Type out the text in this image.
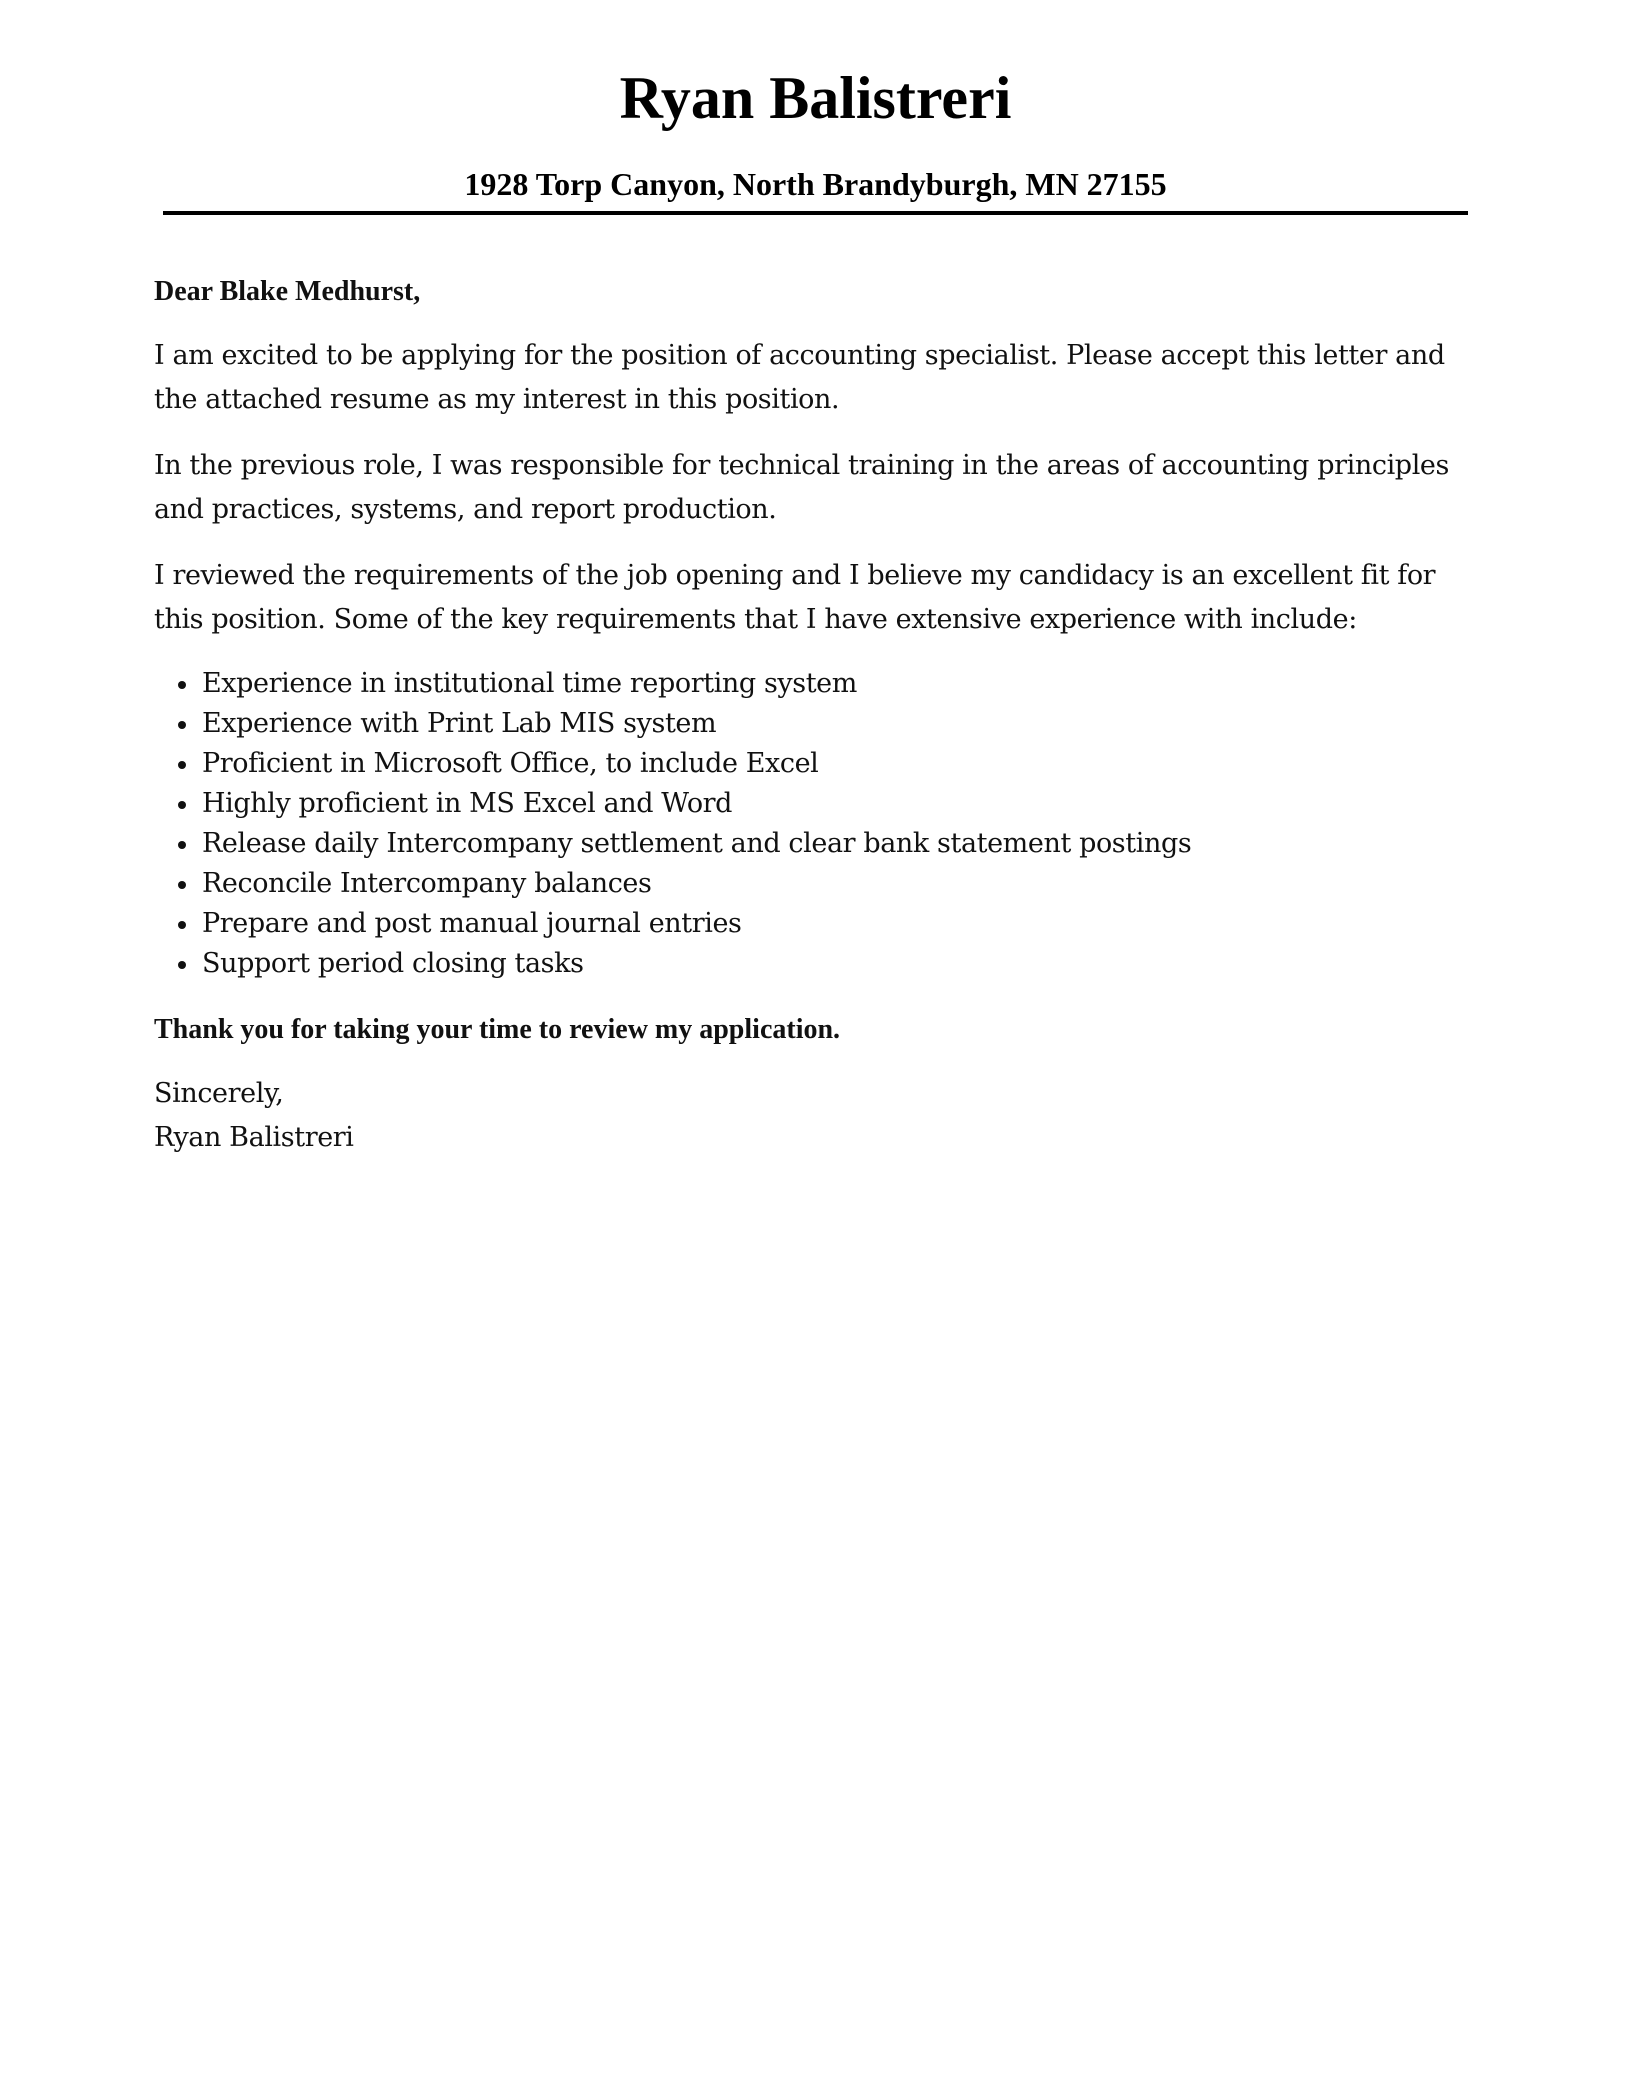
Ryan Balistreri

1928 Torp Canyon, North Brandyburgh, MN 27155

Dear Blake Medhurst,

I am excited to be applying for the position of accounting specialist. Please accept this letter and the attached resume as my interest in this position.

In the previous role, I was responsible for technical training in the areas of accounting principles and practices, systems, and report production.

I reviewed the requirements of the job opening and I believe my candidacy is an excellent fit for this position. Some of the key requirements that I have extensive experience with include:

Experience in institutional time reporting system
Experience with Print Lab MIS system
Proficient in Microsoft Office, to include Excel
Highly proficient in MS Excel and Word
Release daily Intercompany settlement and clear bank statement postings
Reconcile Intercompany balances
Prepare and post manual journal entries
Support period closing tasks

Thank you for taking your time to review my application.

Sincerely,

Ryan Balistreri
